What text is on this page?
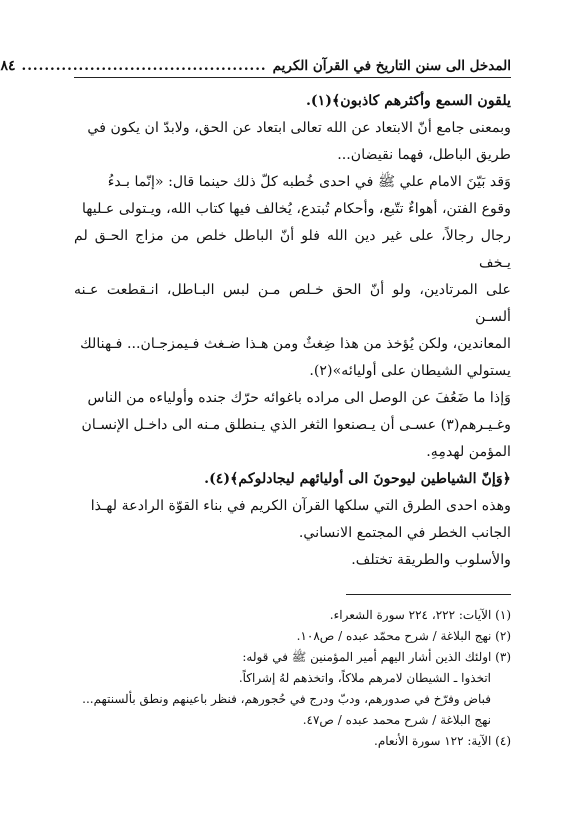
المدخل الى سنن التاريخ في القرآن الكريم
...........................................
٨٤

يلقون السمع وأكثرهم كاذبون﴾(١).

وبمعنى جامع أنّ الابتعاد عن الله تعالى ابتعاد عن الحق، ولابدّ ان يكون في

طريق الباطل، فهما نقيضان...

وَقد بَيّنَ الامام علي ﷺ في احدى خُطبه كلّ ذلك حينما قال: «إنّما بـدءُ

وقوع الفتن، أهواءٌ تتّبع، وأحكام تُبتدع، يُخالف فيها كتاب الله، ويـتولى عـليها

رجال رجالاً، على غير دين الله فلو أنّ الباطل خلص من مزاج الحـق لم يـخف

على المرتادين، ولو أنّ الحق خـلص مـن لبس البـاطل، انـقطعت عـنه ألسـن

المعاندين، ولكن يُؤخذ من هذا ضِغثٌ ومن هـذا ضـغث فـيمزجـان... فـهنالك

يستولي الشيطان على أوليائه»(٢).

وَإذا ما ضَعُفَ عن الوصل الى مراده باغوائه حرّك جنده وأولياءه من الناس

وغـيـرهم(٣) عسـى أن يـصنعوا الثغر الذي يـنطلق مـنه الى داخـل الإنسـان

المؤمن لهدمِهِ.

﴿وَإنّ الشياطين ليوحونَ الى أوليائهم ليجادلوكم﴾(٤).

وهذه احدى الطرق التي سلكها القرآن الكريم في بناء القوّة الرادعة لهـذا

الجانب الخطر في المجتمع الانساني.

والأسلوب والطريقة تختلف.

(١) الآيات: ٢٢٢، ٢٢٤ سورة الشعراء.

(٢) نهج البلاغة / شرح محمّد عبده / ص١٠٨.

(٣) اولئك الذين أشار اليهم أمير المؤمنين ﷺ في قوله:

اتخذوا ـ الشيطان لامرهم ملاكاً، واتخذهم لهُ إشراكاً.

فباض وفرّخ في صدورهم، ودبّ ودرج في حُجورهم، فنظر باعينهم ونطق بألسنتهم...

نهج البلاغة / شرح محمد عبده / ص٤٧.

(٤) الآية: ١٢٢ سورة الأنعام.
